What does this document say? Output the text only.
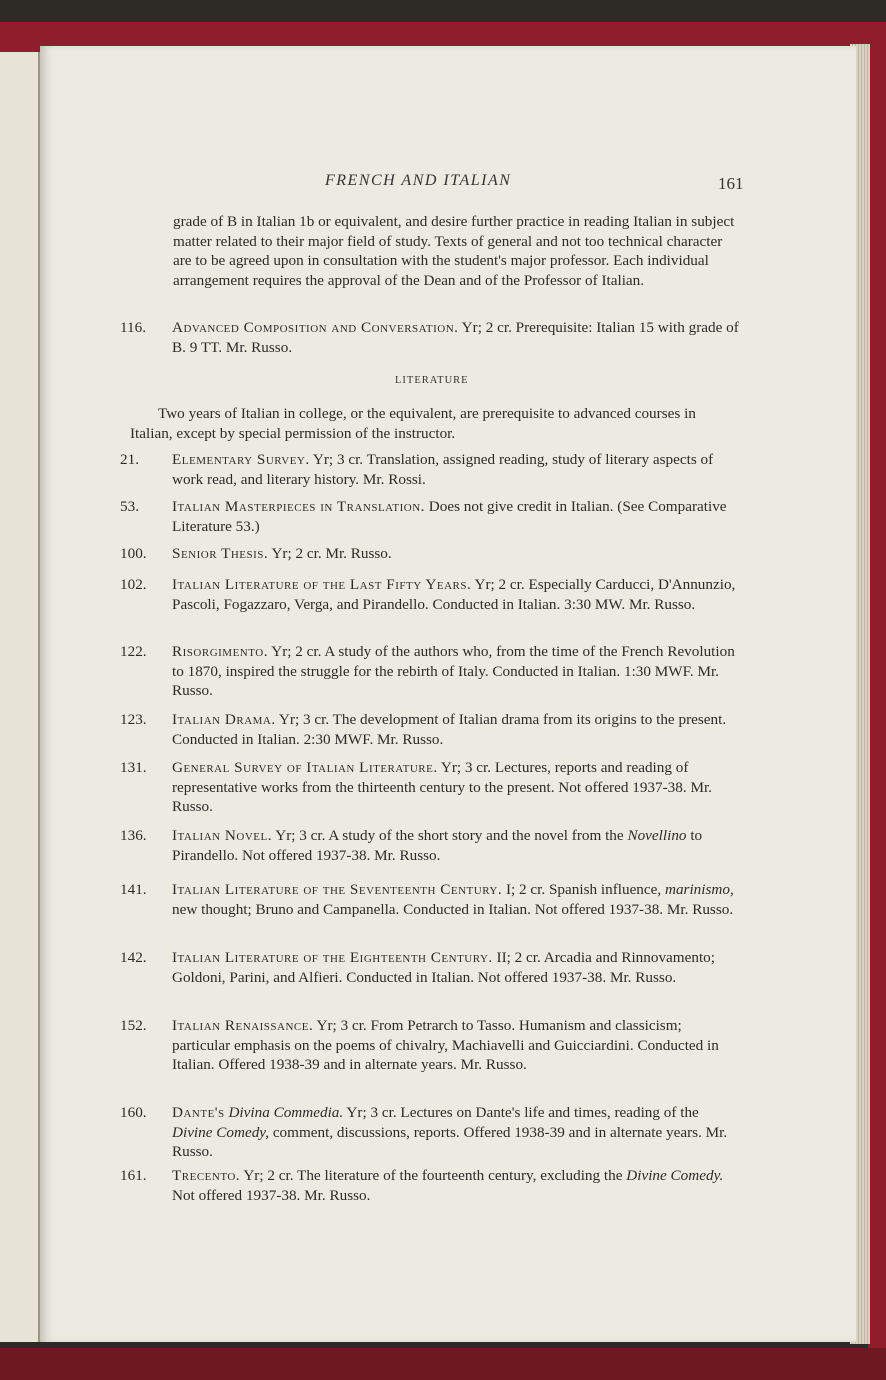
FRENCH AND ITALIAN	161
grade of B in Italian 1b or equivalent, and desire further practice in reading Italian in subject matter related to their major field of study. Texts of general and not too technical character are to be agreed upon in consultation with the student's major professor. Each individual arrangement requires the approval of the Dean and of the Professor of Italian.
116. Advanced Composition and Conversation. Yr; 2 cr. Prerequisite: Italian 15 with grade of B. 9 TT. Mr. Russo.
LITERATURE
Two years of Italian in college, or the equivalent, are prerequisite to advanced courses in Italian, except by special permission of the instructor.
21. Elementary Survey. Yr; 3 cr. Translation, assigned reading, study of literary aspects of work read, and literary history. Mr. Rossi.
53. Italian Masterpieces in Translation. Does not give credit in Italian. (See Comparative Literature 53.)
100. Senior Thesis. Yr; 2 cr. Mr. Russo.
102. Italian Literature of the Last Fifty Years. Yr; 2 cr. Especially Carducci, D'Annunzio, Pascoli, Fogazzaro, Verga, and Pirandello. Conducted in Italian. 3:30 MW. Mr. Russo.
122. Risorgimento. Yr; 2 cr. A study of the authors who, from the time of the French Revolution to 1870, inspired the struggle for the rebirth of Italy. Conducted in Italian. 1:30 MWF. Mr. Russo.
123. Italian Drama. Yr; 3 cr. The development of Italian drama from its origins to the present. Conducted in Italian. 2:30 MWF. Mr. Russo.
131. General Survey of Italian Literature. Yr; 3 cr. Lectures, reports and reading of representative works from the thirteenth century to the present. Not offered 1937-38. Mr. Russo.
136. Italian Novel. Yr; 3 cr. A study of the short story and the novel from the Novellino to Pirandello. Not offered 1937-38. Mr. Russo.
141. Italian Literature of the Seventeenth Century. I; 2 cr. Spanish influence, marinismo, new thought; Bruno and Campanella. Conducted in Italian. Not offered 1937-38. Mr. Russo.
142. Italian Literature of the Eighteenth Century. II; 2 cr. Arcadia and Rinnovamento; Goldoni, Parini, and Alfieri. Conducted in Italian. Not offered 1937-38. Mr. Russo.
152. Italian Renaissance. Yr; 3 cr. From Petrarch to Tasso. Humanism and classicism; particular emphasis on the poems of chivalry, Machiavelli and Guicciardini. Conducted in Italian. Offered 1938-39 and in alternate years. Mr. Russo.
160. Dante's Divina Commedia. Yr; 3 cr. Lectures on Dante's life and times, reading of the Divine Comedy, comment, discussions, reports. Offered 1938-39 and in alternate years. Mr. Russo.
161. Trecento. Yr; 2 cr. The literature of the fourteenth century, excluding the Divine Comedy. Not offered 1937-38. Mr. Russo.
